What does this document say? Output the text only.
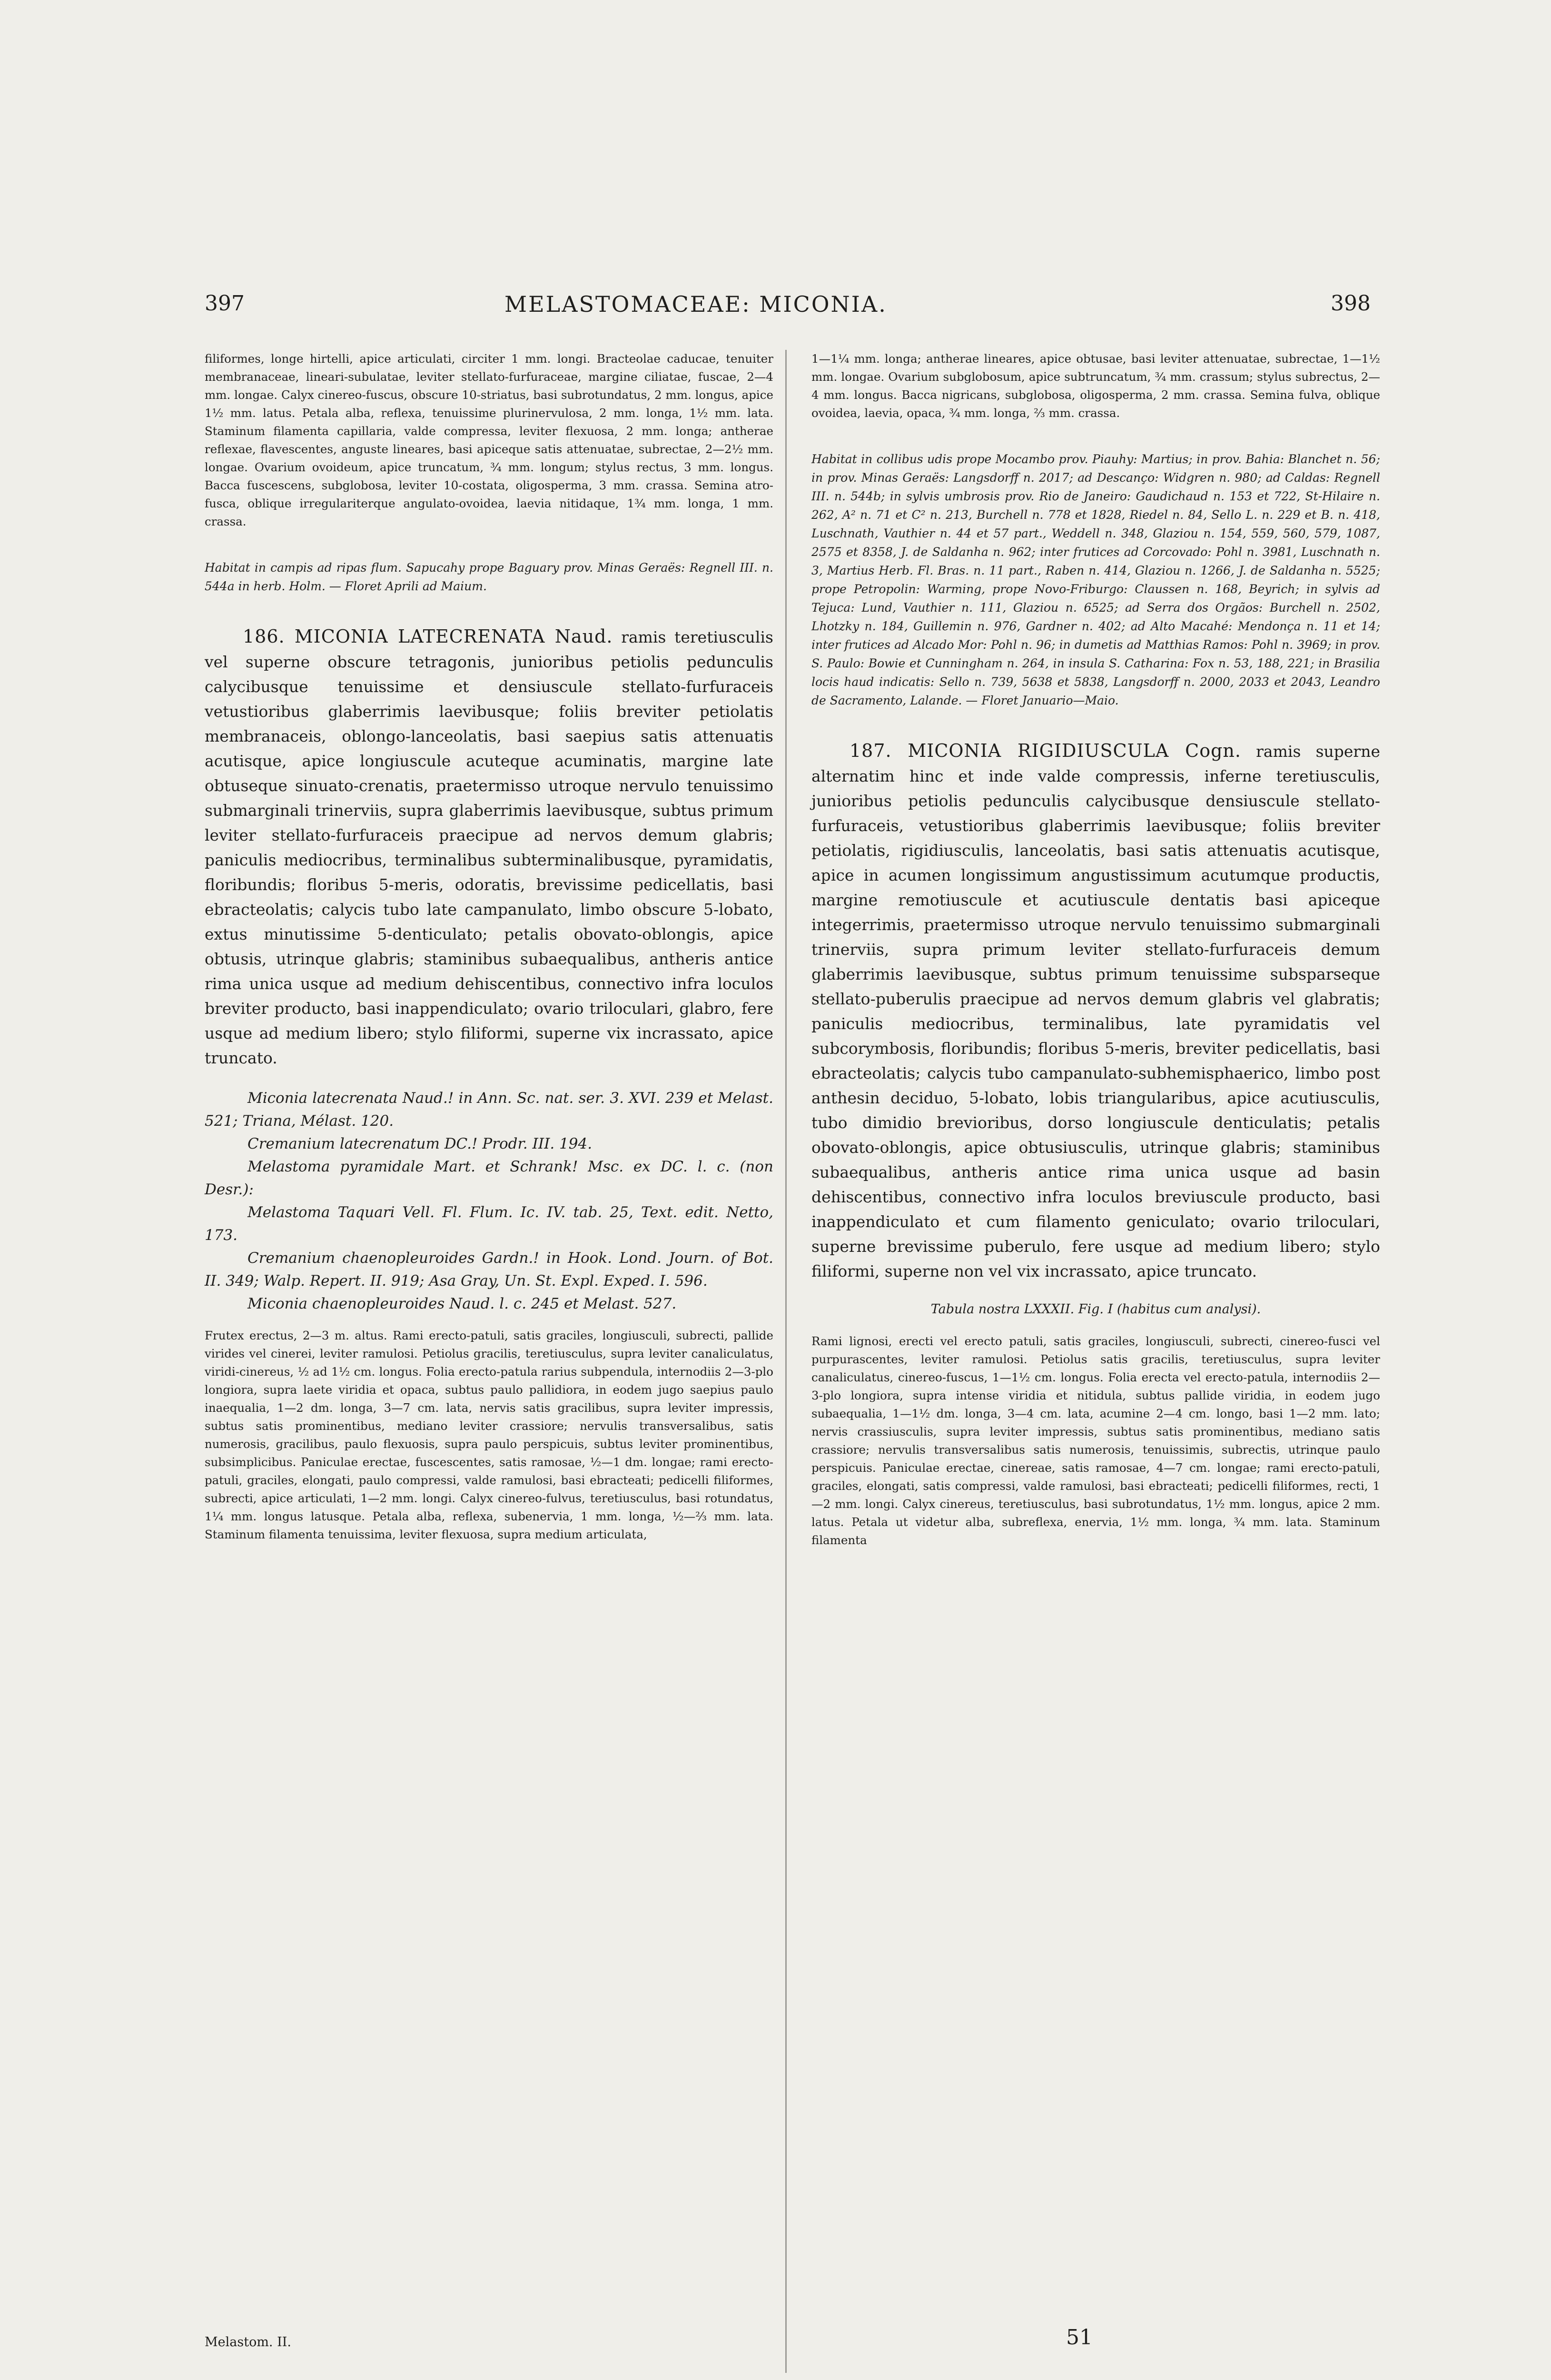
397	MELASTOMACEAE: MICONIA.	398

filiformes, longe hirtelli, apice articulati, circiter 1 mm. longi. Bracteolae caducae, tenuiter membranaceae, lineari-subulatae, leviter stellato-furfuraceae, margine ciliatae, fuscae, 2—4 mm. longae. Calyx cinereo-fuscus, obscure 10-striatus, basi subrotundatus, 2 mm. longus, apice 1½ mm. latus. Petala alba, reflexa, tenuissime plurinervulosa, 2 mm. longa, 1½ mm. lata. Staminum filamenta capillaria, valde compressa, leviter flexuosa, 2 mm. longa; antherae reflexae, flavescentes, anguste lineares, basi apiceque satis attenuatae, subrectae, 2—2½ mm. longae. Ovarium ovoideum, apice truncatum, ¾ mm. longum; stylus rectus, 3 mm. longus. Bacca fuscescens, subglobosa, leviter 10-costata, oligosperma, 3 mm. crassa. Semina atro-fusca, oblique irregulariterque angulato-ovoidea, laevia nitidaque, 1¾ mm. longa, 1 mm. crassa.

Habitat in campis ad ripas flum. Sapucahy prope Baguary prov. Minas Geraës: Regnell III. n. 544a in herb. Holm. — Floret Aprili ad Maium.

186. MICONIA LATECRENATA Naud. ramis teretiusculis vel superne obscure tetragonis, junioribus petiolis pedunculis calycibusque tenuissime et densiuscule stellato-furfuraceis vetustioribus glaberrimis laevibusque; foliis breviter petiolatis membranaceis, oblongo-lanceolatis, basi saepius satis attenuatis acutisque, apice longiuscule acuteque acuminatis, margine late obtuseque sinuato-crenatis, praetermisso utroque nervulo tenuissimo submarginali trinerviis, supra glaberrimis laevibusque, subtus primum leviter stellato-furfuraceis praecipue ad nervos demum glabris; paniculis mediocribus, terminalibus subterminalibusque, pyramidatis, floribundis; floribus 5-meris, odoratis, brevissime pedicellatis, basi ebracteolatis; calycis tubo late campanulato, limbo obscure 5-lobato, extus minutissime 5-denticulato; petalis obovato-oblongis, apice obtusis, utrinque glabris; staminibus subaequalibus, antheris antice rima unica usque ad medium dehiscentibus, connectivo infra loculos breviter producto, basi inappendiculato; ovario triloculari, glabro, fere usque ad medium libero; stylo filiformi, superne vix incrassato, apice truncato.

Miconia latecrenata Naud.! in Ann. Sc. nat. ser. 3. XVI. 239 et Melast. 521; Triana, Mélast. 120.

Cremanium latecrenatum DC.! Prodr. III. 194.

Melastoma pyramidale Mart. et Schrank! Msc. ex DC. l. c. (non Desr.):

Melastoma Taquari Vell. Fl. Flum. Ic. IV. tab. 25, Text. edit. Netto, 173.

Cremanium chaenopleuroides Gardn.! in Hook. Lond. Journ. of Bot. II. 349; Walp. Repert. II. 919; Asa Gray, Un. St. Expl. Exped. I. 596.

Miconia chaenopleuroides Naud. l. c. 245 et Melast. 527.

Frutex erectus, 2—3 m. altus. Rami erecto-patuli, satis graciles, longiusculi, subrecti, pallide virides vel cinerei, leviter ramulosi. Petiolus gracilis, teretiusculus, supra leviter canaliculatus, viridi-cinereus, ½ ad 1½ cm. longus. Folia erecto-patula rarius subpendula, internodiis 2—3-plo longiora, supra laete viridia et opaca, subtus paulo pallidiora, in eodem jugo saepius paulo inaequalia, 1—2 dm. longa, 3—7 cm. lata, nervis satis gracilibus, supra leviter impressis, subtus satis prominentibus, mediano leviter crassiore; nervulis transversalibus, satis numerosis, gracilibus, paulo flexuosis, supra paulo perspicuis, subtus leviter prominentibus, subsimplicibus. Paniculae erectae, fuscescentes, satis ramosae, ½—1 dm. longae; rami erecto-patuli, graciles, elongati, paulo compressi, valde ramulosi, basi ebracteati; pedicelli filiformes, subrecti, apice articulati, 1—2 mm. longi. Calyx cinereo-fulvus, teretiusculus, basi rotundatus, 1¼ mm. longus latusque. Petala alba, reflexa, subenervia, 1 mm. longa, ½—⅔ mm. lata. Staminum filamenta tenuissima, leviter flexuosa, supra medium articulata,

1—1¼ mm. longa; antherae lineares, apice obtusae, basi leviter attenuatae, subrectae, 1—1½ mm. longae. Ovarium subglobosum, apice subtruncatum, ¾ mm. crassum; stylus subrectus, 2—4 mm. longus. Bacca nigricans, subglobosa, oligosperma, 2 mm. crassa. Semina fulva, oblique ovoidea, laevia, opaca, ¾ mm. longa, ⅔ mm. crassa.

Habitat in collibus udis prope Mocambo prov. Piauhy: Martius; in prov. Bahia: Blanchet n. 56; in prov. Minas Geraës: Langsdorff n. 2017; ad Descanço: Widgren n. 980; ad Caldas: Regnell III. n. 544b; in sylvis umbrosis prov. Rio de Janeiro: Gaudichaud n. 153 et 722, St-Hilaire n. 262, A² n. 71 et C² n. 213, Burchell n. 778 et 1828, Riedel n. 84, Sello L. n. 229 et B. n. 418, Luschnath, Vauthier n. 44 et 57 part., Weddell n. 348, Glaziou n. 154, 559, 560, 579, 1087, 2575 et 8358, J. de Saldanha n. 962; inter frutices ad Corcovado: Pohl n. 3981, Luschnath n. 3, Martius Herb. Fl. Bras. n. 11 part., Raben n. 414, Glaziou n. 1266, J. de Saldanha n. 5525; prope Petropolin: Warming, prope Novo-Friburgo: Claussen n. 168, Beyrich; in sylvis ad Tejuca: Lund, Vauthier n. 111, Glaziou n. 6525; ad Serra dos Orgãos: Burchell n. 2502, Lhotzky n. 184, Guillemin n. 976, Gardner n. 402; ad Alto Macahé: Mendonça n. 11 et 14; inter frutices ad Alcado Mor: Pohl n. 96; in dumetis ad Matthias Ramos: Pohl n. 3969; in prov. S. Paulo: Bowie et Cunningham n. 264, in insula S. Catharina: Fox n. 53, 188, 221; in Brasilia locis haud indicatis: Sello n. 739, 5638 et 5838, Langsdorff n. 2000, 2033 et 2043, Leandro de Sacramento, Lalande. — Floret Januario—Maio.

187. MICONIA RIGIDIUSCULA Cogn. ramis superne alternatim hinc et inde valde compressis, inferne teretiusculis, junioribus petiolis pedunculis calycibusque densiuscule stellato-furfuraceis, vetustioribus glaberrimis laevibusque; foliis breviter petiolatis, rigidiusculis, lanceolatis, basi satis attenuatis acutisque, apice in acumen longissimum angustissimum acutumque productis, margine remotiuscule et acutiuscule dentatis basi apiceque integerrimis, praetermisso utroque nervulo tenuissimo submarginali trinerviis, supra primum leviter stellato-furfuraceis demum glaberrimis laevibusque, subtus primum tenuissime subsparseque stellato-puberulis praecipue ad nervos demum glabris vel glabratis; paniculis mediocribus, terminalibus, late pyramidatis vel subcorymbosis, floribundis; floribus 5-meris, breviter pedicellatis, basi ebracteolatis; calycis tubo campanulato-subhemisphaerico, limbo post anthesin deciduo, 5-lobato, lobis triangularibus, apice acutiusculis, tubo dimidio brevioribus, dorso longiuscule denticulatis; petalis obovato-oblongis, apice obtusiusculis, utrinque glabris; staminibus subaequalibus, antheris antice rima unica usque ad basin dehiscentibus, connectivo infra loculos breviuscule producto, basi inappendiculato et cum filamento geniculato; ovario triloculari, superne brevissime puberulo, fere usque ad medium libero; stylo filiformi, superne non vel vix incrassato, apice truncato.

Tabula nostra LXXXII. Fig. I (habitus cum analysi).

Rami lignosi, erecti vel erecto patuli, satis graciles, longiusculi, subrecti, cinereo-fusci vel purpurascentes, leviter ramulosi. Petiolus satis gracilis, teretiusculus, supra leviter canaliculatus, cinereo-fuscus, 1—1½ cm. longus. Folia erecta vel erecto-patula, internodiis 2—3-plo longiora, supra intense viridia et nitidula, subtus pallide viridia, in eodem jugo subaequalia, 1—1½ dm. longa, 3—4 cm. lata, acumine 2—4 cm. longo, basi 1—2 mm. lato; nervis crassiusculis, supra leviter impressis, subtus satis prominentibus, mediano satis crassiore; nervulis transversalibus satis numerosis, tenuissimis, subrectis, utrinque paulo perspicuis. Paniculae erectae, cinereae, satis ramosae, 4—7 cm. longae; rami erecto-patuli, graciles, elongati, satis compressi, valde ramulosi, basi ebracteati; pedicelli filiformes, recti, 1—2 mm. longi. Calyx cinereus, teretiusculus, basi subrotundatus, 1½ mm. longus, apice 2 mm. latus. Petala ut videtur alba, subreflexa, enervia, 1½ mm. longa, ¾ mm. lata. Staminum filamenta

Melastom. II.	51
